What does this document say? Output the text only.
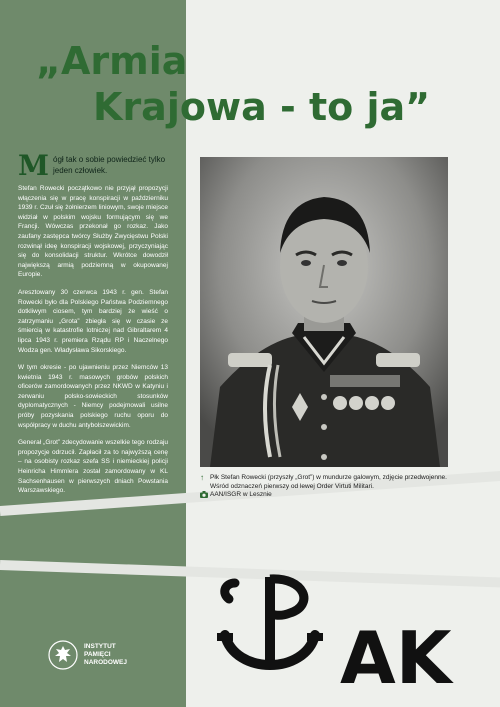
„Armia
Krajowa - to ja”

Mógł tak o sobie powiedzieć tylko jeden człowiek.

Stefan Rowecki początkowo nie przyjął propozycji włączenia się w pracę konspiracji w październiku 1939 r. Czuł się żołnierzem liniowym, swoje miejsce widział w polskim wojsku formującym się we Francji. Wówczas przekonał go rozkaz. Jako zaufany zastępca twórcy Służby Zwycięstwu Polski rozwinął ideę konspiracji wojskowej, przyczyniając się do konsolidacji struktur. Wkrótce dowodził największą armią podziemną w okupowanej Europie.

Aresztowany 30 czerwca 1943 r. gen. Stefan Rowecki było dla Polskiego Państwa Podziemnego dotkliwym ciosem, tym bardziej że wieść o zatrzymaniu „Grota” zbiegła się w czasie ze śmiercią w katastrofie lotniczej nad Gibraltarem 4 lipca 1943 r. premiera Rządu RP i Naczelnego Wodza gen. Władysława Sikorskiego.

W tym okresie - po ujawnieniu przez Niemców 13 kwietnia 1943 r. masowych grobów polskich oficerów zamordowanych przez NKWD w Katyniu i zerwaniu polsko-sowieckich stosunków dyplomatycznych - Niemcy podejmowali usilne próby pozyskania polskiego ruchu oporu do współpracy w duchu antybolszewickim.

Generał „Grot” zdecydowanie wszelkie tego rodzaju propozycje odrzucił. Zapłacił za to najwyższą cenę – na osobisty rozkaz szefa SS i niemieckiej policji Heinricha Himmlera został zamordowany w KL Sachsenhausen w pierwszych dniach Powstania Warszawskiego.

↑ Płk Stefan Rowecki (przyszły „Grot”) w mundurze galowym, zdjęcie przedwojenne.
Wśród odznaczeń pierwszy od lewej Order Virtuti Militari.
AAN/ISGR w Lesznie
INSTYTUT
PAMIĘCI
NARODOWEJ	AK
